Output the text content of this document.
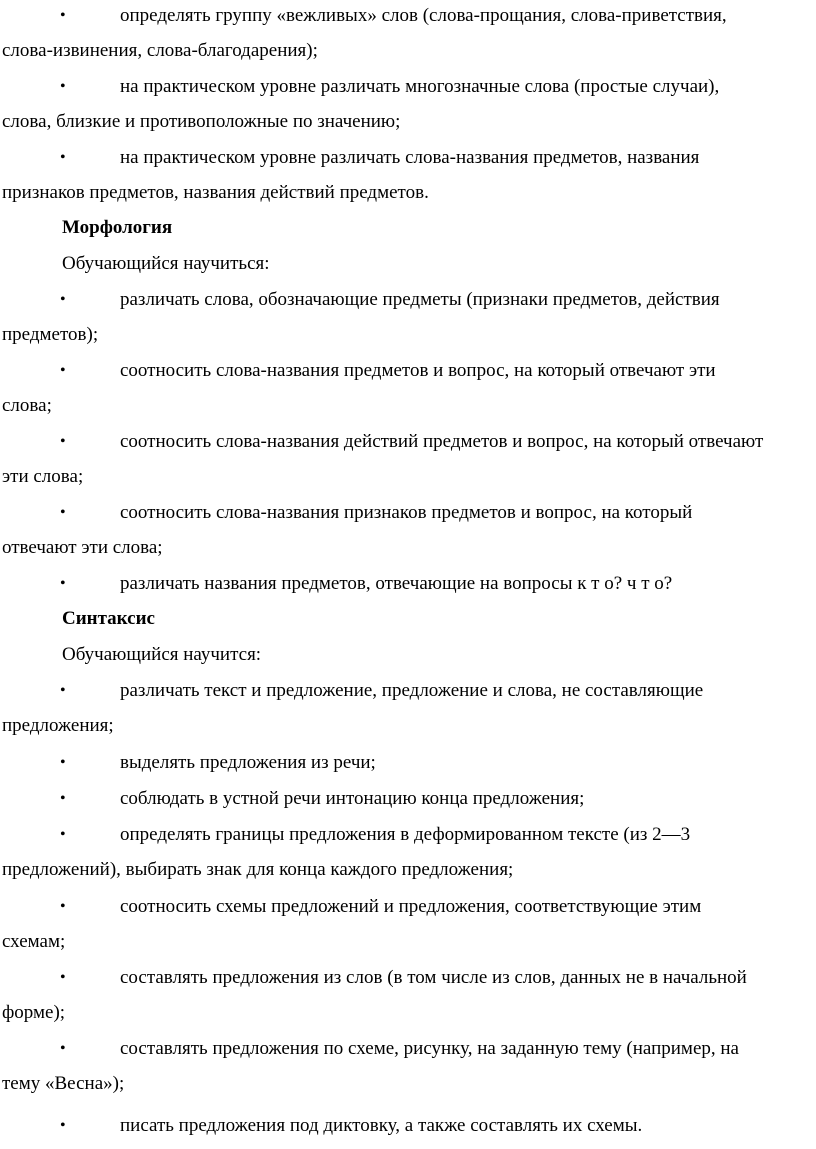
•	определять группу «вежливых» слов (слова-прощания, слова-приветствия,
слова-извинения, слова-благодарения);
•	на практическом уровне различать многозначные слова (простые случаи),
слова, близкие и противоположные по значению;
•	на практическом уровне различать слова-названия предметов, названия
признаков предметов, названия действий предметов.
Морфология
Обучающийся научиться:
•	различать слова, обозначающие предметы (признаки предметов, действия
предметов);
•	соотносить слова-названия предметов и вопрос, на который отвечают эти
слова;
•	соотносить слова-названия действий предметов и вопрос, на который отвечают
эти слова;
•	соотносить слова-названия признаков предметов и вопрос, на который
отвечают эти слова;
•	различать названия предметов, отвечающие на вопросы к т о? ч т о?
Синтаксис
Обучающийся научится:
•	различать текст и предложение, предложение и слова, не составляющие
предложения;
•	выделять предложения из речи;
•	соблюдать в устной речи интонацию конца предложения;
•	определять границы предложения в деформированном тексте (из 2—3
предложений), выбирать знак для конца каждого предложения;
•	соотносить схемы предложений и предложения, соответствующие этим
схемам;
•	составлять предложения из слов (в том числе из слов, данных не в начальной
форме);
•	составлять предложения по схеме, рисунку, на заданную тему (например, на
тему «Весна»);
•	писать предложения под диктовку, а также составлять их схемы.
